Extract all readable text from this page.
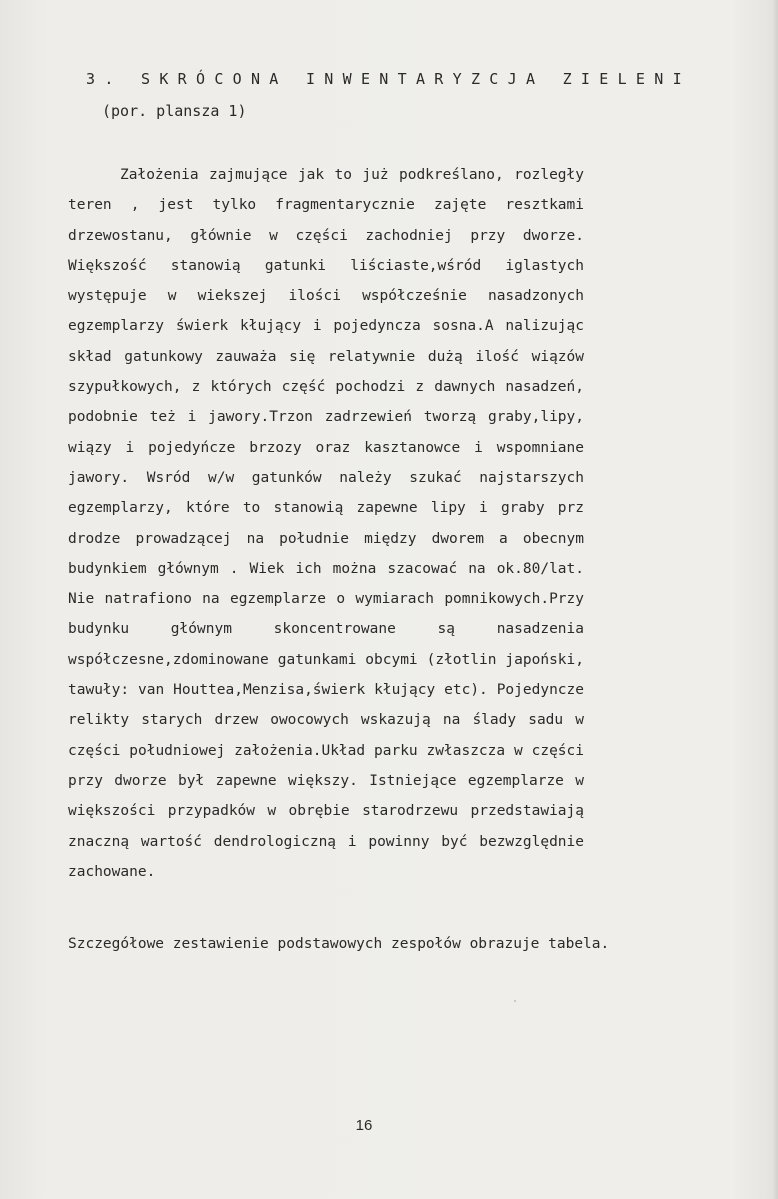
3. SKRÓCONA INWENTARYZCJA ZIELENI
(por. plansza 1)
Założenia zajmujące jak to już podkreślano, rozległy
teren , jest tylko fragmentarycznie zajęte resztkami
drzewostanu, głównie w części zachodniej przy dworze.
Większość stanowią gatunki liściaste,wśród iglastych
występuje w wiekszej ilości współcześnie nasadzonych
egzemplarzy świerk kłujący i pojedyncza sosna.A nalizując
skład gatunkowy zauważa się relatywnie dużą ilość wiązów
szypułkowych, z których część pochodzi z dawnych nasadzeń,
podobnie też i jawory.Trzon zadrzewień tworzą graby,lipy,
wiązy i pojedyńcze brzozy oraz kasztanowce i wspomniane
jawory. Wsród w/w gatunków należy szukać najstarszych
egzemplarzy, które to stanowią zapewne lipy i graby prz
drodze prowadzącej na południe między dworem a obecnym
budynkiem głównym . Wiek ich można szacować na ok.80/lat.
Nie natrafiono na egzemplarze o wymiarach pomnikowych.Przy
budynku głównym skoncentrowane są nasadzenia
współczesne,zdominowane gatunkami obcymi (złotlin japoński,
tawuły: van Houttea,Menzisa,świerk kłujący etc). Pojedyncze
relikty starych drzew owocowych wskazują na ślady sadu w
części południowej założenia.Układ parku zwłaszcza w części
przy dworze był zapewne większy. Istniejące egzemplarze w
większości przypadków w obrębie starodrzewu przedstawiają
znaczną wartość dendrologiczną i powinny być bezwzględnie
zachowane.
Szczegółowe zestawienie podstawowych zespołów obrazuje tabela.
16
